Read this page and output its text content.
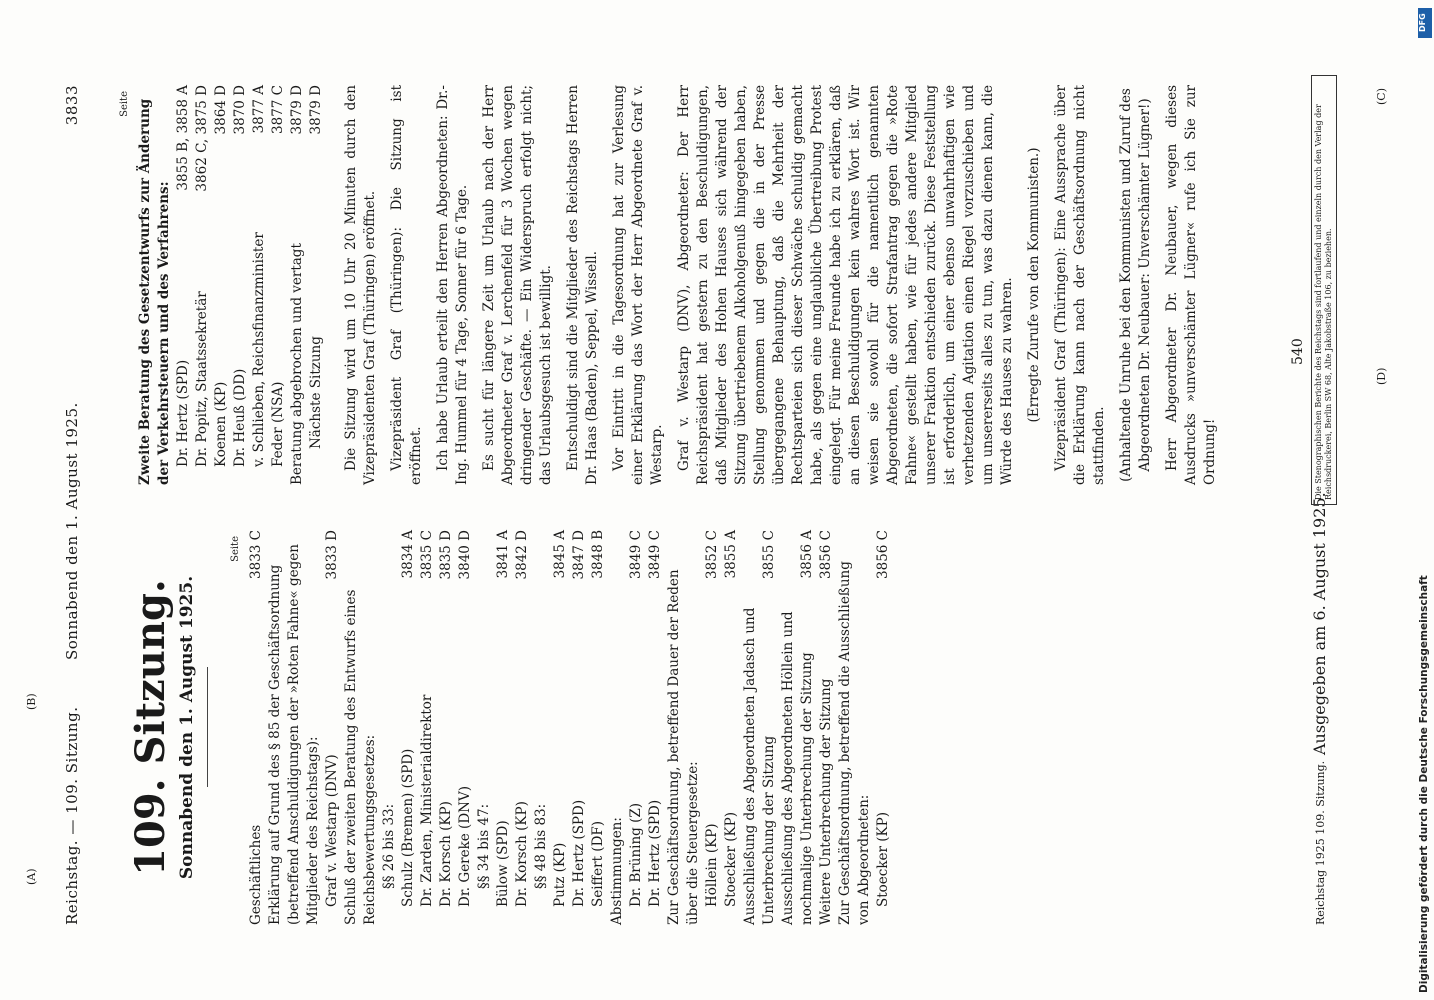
Reichstag. — 109. Sitzung.
Sonnabend den 1. August 1925.
3833
(A)
(B)
(D)
(C)
109. Sitzung. Sonnabend den 1. August 1925.
Seite
Geschäftliches
3833 C
Erklärung auf Grund des § 85 der Geschäftsordnung (betreffend Anschuldigungen der »Roten Fahne« gegen Mitglieder des Reichstags): Graf v. Westarp (DNV)
3833 D
Schluß der zweiten Beratung des Entwurfs eines Reichsbewertungsgesetzes: §§ 26 bis 33: Schulz (Bremen) (SPD)
3834 A
Dr. Zarden, Ministerialdirektor
3835 C
Dr. Korsch (KP)
3835 D
Dr. Gereke (DNV)
3840 D
§§ 34 bis 47: Bülow (SPD)
3841 A
Dr. Korsch (KP)
3842 D
§§ 48 bis 83: Putz (KP)
3845 A
Dr. Hertz (SPD)
3847 D
Seiffert (DF)
3848 B
Abstimmungen: Dr. Brüning (Z)
3849 C
Dr. Hertz (SPD)
3849 C
Zur Geschäftsordnung, betreffend Dauer der Reden über die Steuergesetze: Höllein (KP)
3852 C
Stoecker (KP)
3855 A
Ausschließung des Abgeordneten Jadasch und Unterbrechung der Sitzung
3855 C
Ausschließung des Abgeordneten Höllein und nochmalige Unterbrechung der Sitzung
3856 A
Weitere Unterbrechung der Sitzung
3856 C
Zur Geschäftsordnung, betreffend die Ausschließung von Abgeordneten: Stoecker (KP)
3856 C
Seite Zweite Beratung des Gesetzentwurfs zur Änderung der Verkehrsteuern und des Verfahrens: Dr. Hertz (SPD)
3855 B, 3858 A
Dr. Popitz, Staatssekretär
3862 C, 3875 D
Koenen (KP)
3864 D
Dr. Heuß (DD)
3870 D
v. Schlieben, Reichsfinanzminister
3877 A
Feder (NSA)
3877 C
Beratung abgebrochen und vertagt
3879 D
Nächste Sitzung
3879 D Die Sitzung wird um 10 Uhr 20 Minuten durch den Vizepräsidenten Graf (Thüringen) eröffnet. Vizepräsident Graf (Thüringen): Die Sitzung ist eröffnet. Ich habe Urlaub erteilt den Herren Abgeordneten: Dr.-Ing. Hummel für 4 Tage, Sonner für 6 Tage. Es sucht für längere Zeit um Urlaub nach der Herr Abgeordneter Graf v. Lerchenfeld für 3 Wochen wegen dringender Geschäfte. — Ein Widerspruch erfolgt nicht; das Urlaubsgesuch ist bewilligt. Entschuldigt sind die Mitglieder des Reichstags Herren Dr. Haas (Baden), Seppel, Wissell. Vor Eintritt in die Tagesordnung hat zur Verlesung einer Erklärung das Wort der Herr Abgeordnete Graf v. Westarp. Graf v. Westarp (DNV), Abgeordneter: Der Herr Reichspräsident hat gestern zu den Beschuldigungen, daß Mitglieder des Hohen Hauses sich während der Sitzung übertriebenem Alkoholgenuß hingegeben haben, Stellung genommen und gegen die in der Presse übergegangene Behauptung, daß die Mehrheit der Rechtsparteien sich dieser Schwäche schuldig gemacht habe, als gegen eine unglaubliche Übertreibung Protest eingelegt. Für meine Freunde habe ich zu erklären, daß an diesen Beschuldigungen kein wahres Wort ist. Wir weisen sie sowohl für die namentlich genannten Abgeordneten, die sofort Strafantrag gegen die »Rote Fahne« gestellt haben, wie für jedes andere Mitglied unserer Fraktion entschieden zurück. Diese Feststellung ist erforderlich, um einer ebenso unwahrhaftigen wie verhetzenden Agitation einen Riegel vorzuschieben und um unsererseits alles zu tun, was dazu dienen kann, die Würde des Hauses zu wahren. (Erregte Zurufe von den Kommunisten.) Vizepräsident Graf (Thüringen): Eine Aussprache über die Erklärung kann nach der Geschäftsordnung nicht stattfinden. (Anhaltende Unruhe bei den Kommunisten und Zuruf des Abgeordneten Dr. Neubauer: Unverschämter Lügner!) Herr Abgeordneter Dr. Neubauer, wegen dieses Ausdrucks »unverschämter Lügner« rufe ich Sie zur Ordnung!
540
Reichstag 1925 109. Sitzung.
Ausgegeben am 6. August 1925.
Die Stenographischen Berichte des Reichstags sind fortlaufend und einzeln durch den Verlag der Reichsdruckerei, Berlin SW 68, Alte Jakobstraße 106, zu beziehen.
DFG
Digitalisierung gefördert durch die Deutsche Forschungsgemeinschaft
